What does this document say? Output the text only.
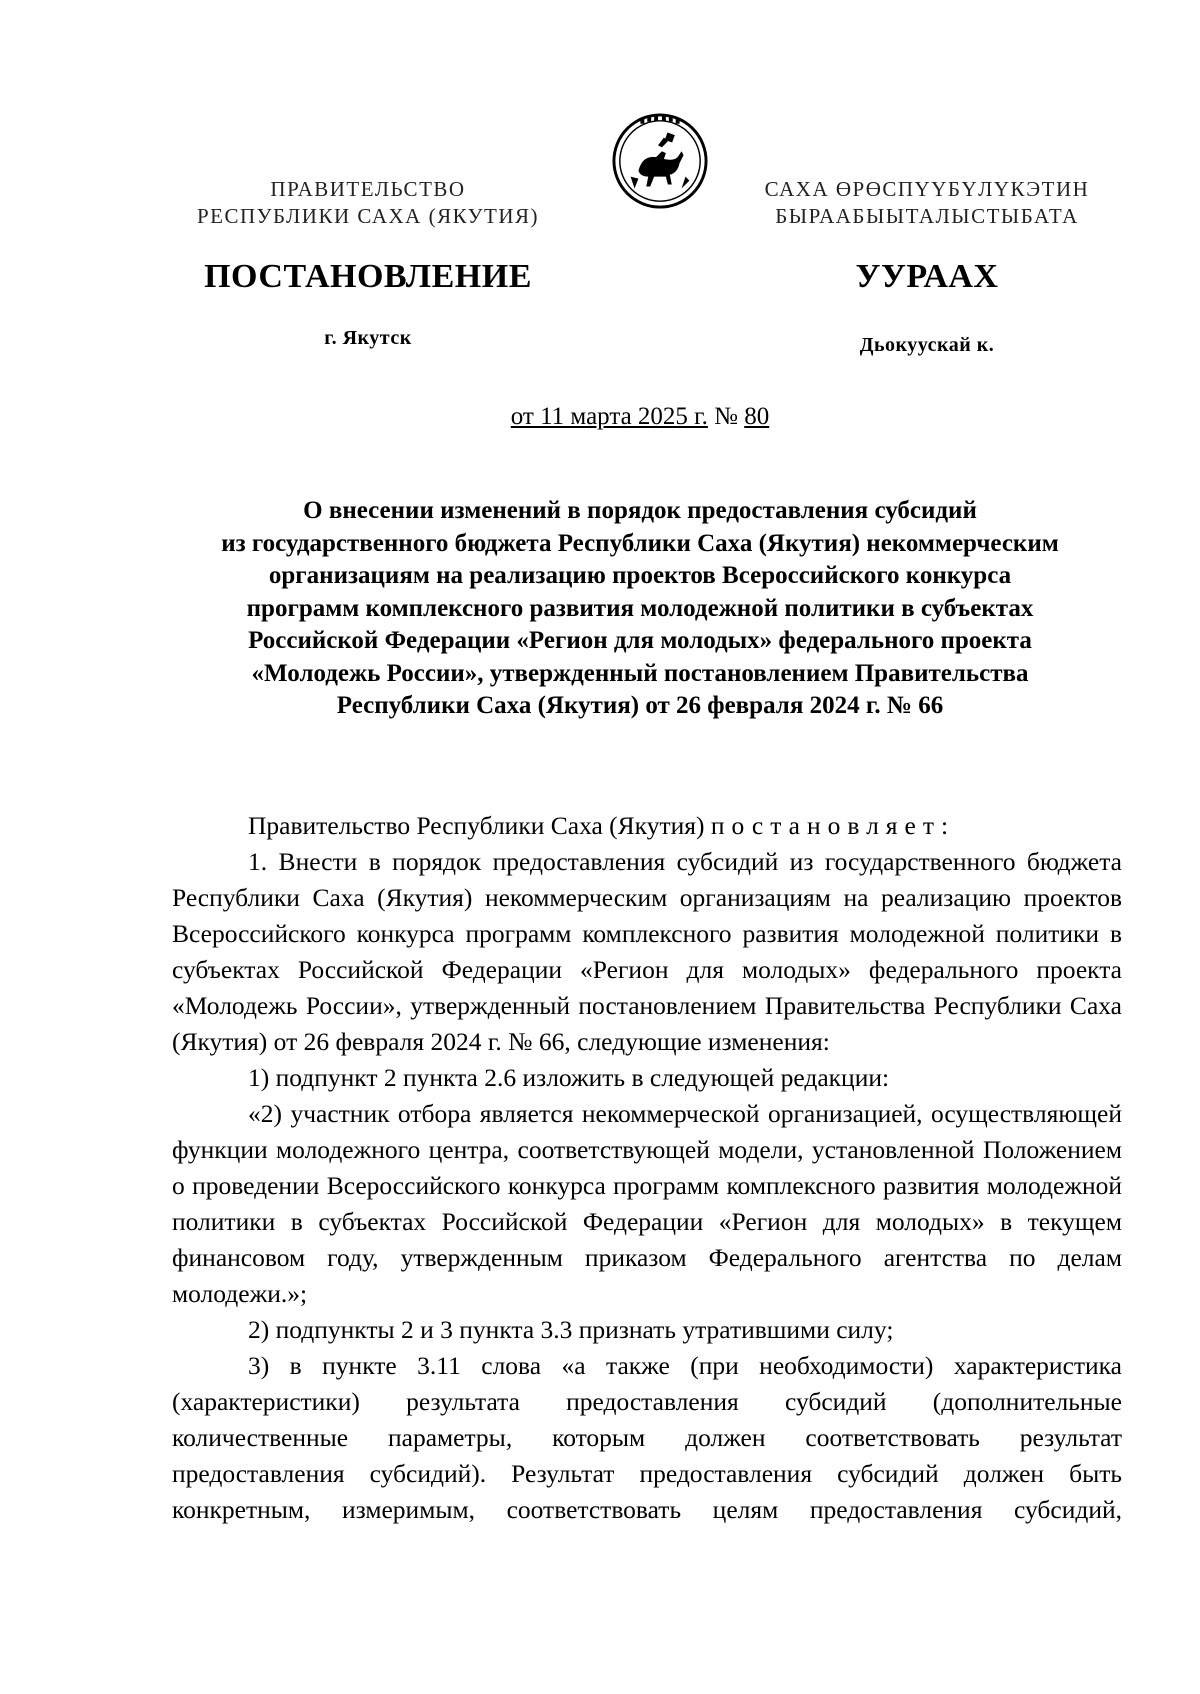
ПРАВИТЕЛЬСТВО
РЕСПУБЛИКИ САХА (ЯКУТИЯ)
САХА ӨРӨСПҮҮБҮЛҮКЭТИН
БЫРААБЫЫТАЛЫСТЫБАТА
ПОСТАНОВЛЕНИЕ	УУРААХ
г. Якутск	Дьокуускай к.
от 11 марта 2025 г. № 80
О внесении изменений в порядок предоставления субсидий
из государственного бюджета Республики Саха (Якутия) некоммерческим
организациям на реализацию проектов Всероссийского конкурса
программ комплексного развития молодежной политики в субъектах
Российской Федерации «Регион для молодых» федерального проекта
«Молодежь России», утвержденный постановлением Правительства
Республики Саха (Якутия) от 26 февраля 2024 г. № 66

Правительство Республики Саха (Якутия) постановляет:

1. Внести в порядок предоставления субсидий из государственного бюджета Республики Саха (Якутия) некоммерческим организациям на реализацию проектов Всероссийского конкурса программ комплексного развития молодежной политики в субъектах Российской Федерации «Регион для молодых» федерального проекта «Молодежь России», утвержденный постановлением Правительства Республики Саха (Якутия) от 26 февраля 2024 г. № 66, следующие изменения:

1) подпункт 2 пункта 2.6 изложить в следующей редакции:

«2) участник отбора является некоммерческой организацией, осуществляющей функции молодежного центра, соответствующей модели, установленной Положением о проведении Всероссийского конкурса программ комплексного развития молодежной политики в субъектах Российской Федерации «Регион для молодых» в текущем финансовом году, утвержденным приказом Федерального агентства по делам молодежи.»;

2) подпункты 2 и 3 пункта 3.3 признать утратившими силу;

3) в пункте 3.11 слова «а также (при необходимости) характеристика (характеристики) результата предоставления субсидий (дополнительные количественные параметры, которым должен соответствовать результат предоставления субсидий). Результат предоставления субсидий должен быть конкретным, измеримым, соответствовать целям предоставления субсидий,
